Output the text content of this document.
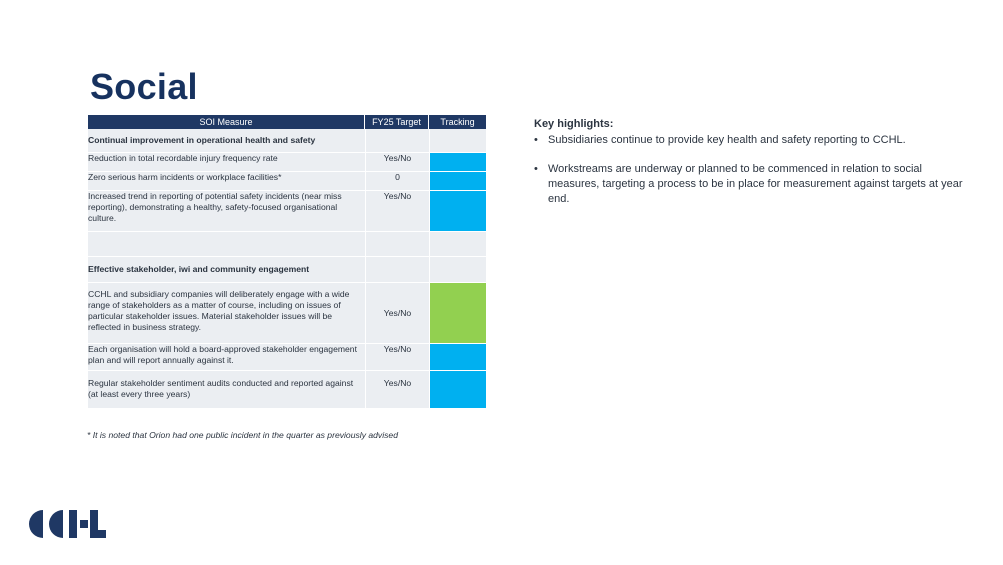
Social
SOI Measure	FY25 Target	Tracking
Continual improvement in operational health and safety		
Reduction in total recordable injury frequency rate	Yes/No	
Zero serious harm incidents or workplace facilities*	0	
Increased trend in reporting of potential safety incidents (near miss reporting), demonstrating a healthy, safety-focused organisational culture.	Yes/No	

Effective stakeholder, iwi and community engagement		
CCHL and subsidiary companies will deliberately engage with a wide range of stakeholders as a matter of course, including on issues of particular stakeholder issues. Material stakeholder issues will be reflected in business strategy.	Yes/No	
Each organisation will hold a board-approved stakeholder engagement plan and will report annually against it.	Yes/No	
Regular stakeholder sentiment audits conducted and reported against (at least every three years)	Yes/No	
* It is noted that Orion had one public incident in the quarter as previously advised
Key highlights:
• Subsidiaries continue to provide key health and safety reporting to CCHL.
• Workstreams are underway or planned to be commenced in relation to social measures, targeting a process to be in place for measurement against targets at year end.
